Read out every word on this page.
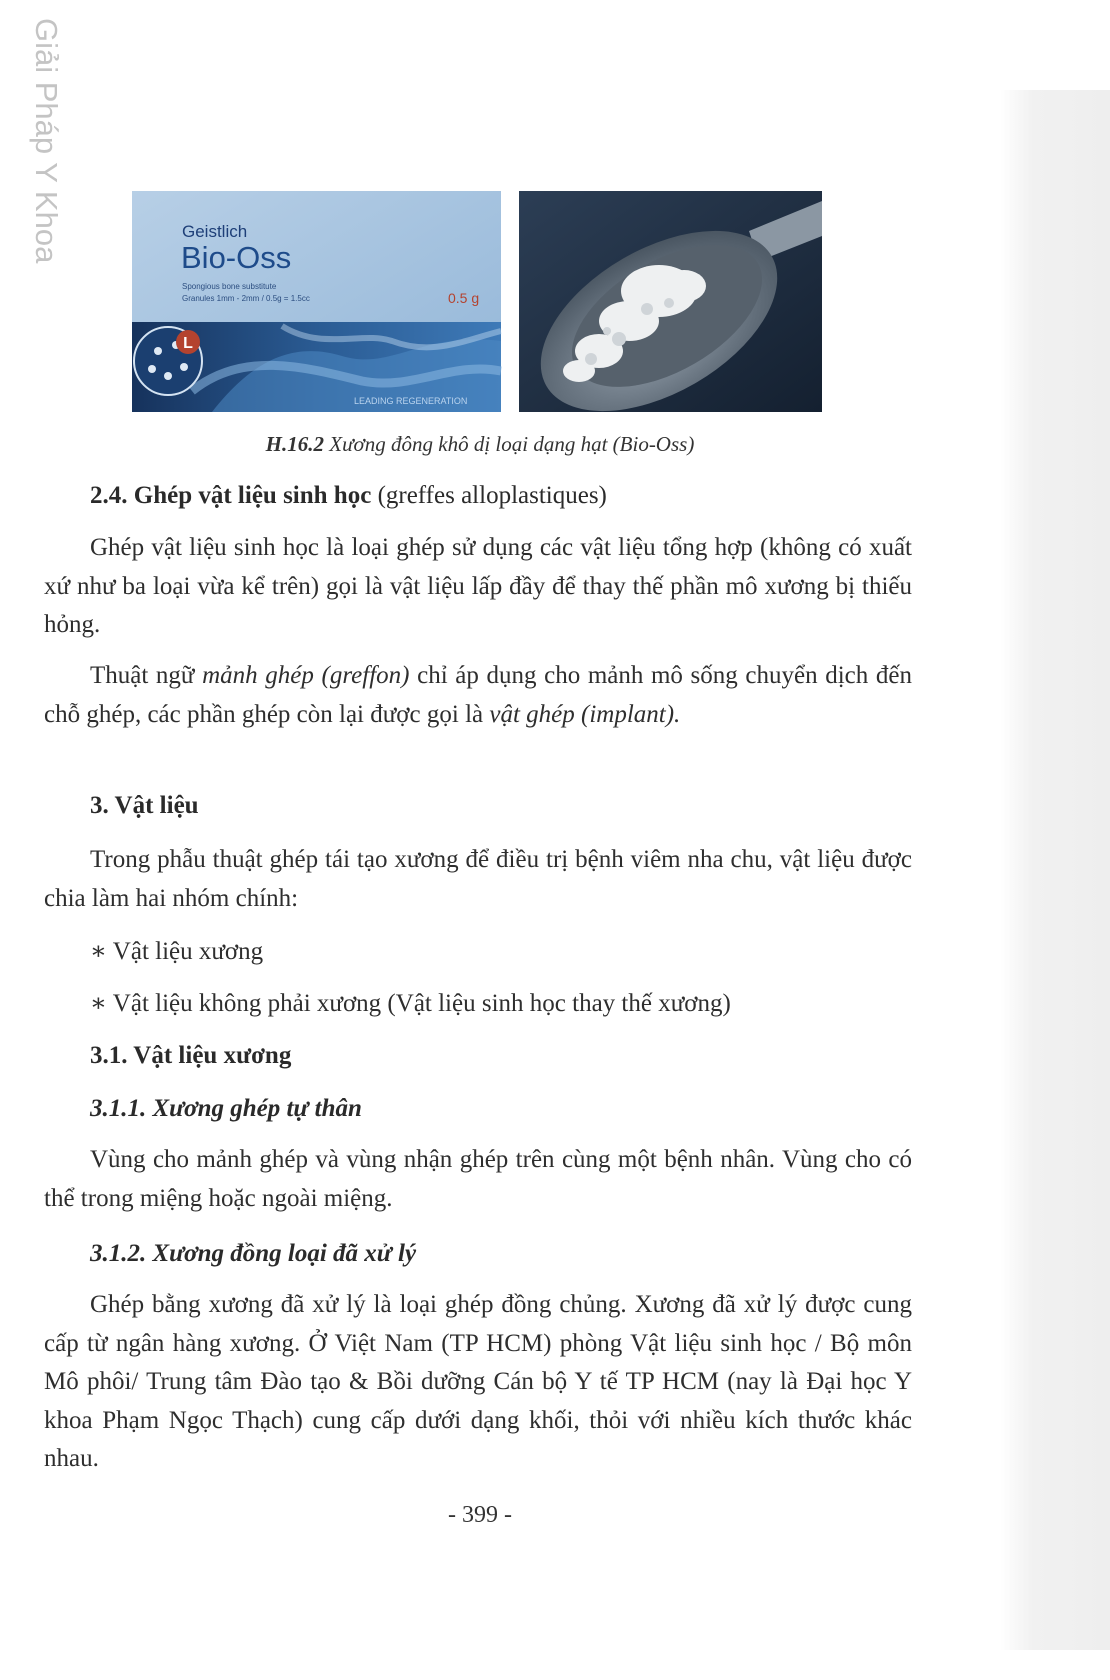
Giải Pháp Y Khoa
L
Geistlich
Bio-Oss
Spongious bone substitute
Granules 1mm - 2mm / 0.5g = 1.5cc	0.5 g
LEADING REGENERATION
H.16.2 Xương đông khô dị loại dạng hạt (Bio-Oss)
2.4. Ghép vật liệu sinh học (greffes alloplastiques)
Ghép vật liệu sinh học là loại ghép sử dụng các vật liệu tổng hợp (không có xuất xứ như ba loại vừa kể trên) gọi là vật liệu lấp đầy để thay thế phần mô xương bị thiếu hỏng.
Thuật ngữ mảnh ghép (greffon) chỉ áp dụng cho mảnh mô sống chuyển dịch đến chỗ ghép, các phần ghép còn lại được gọi là vật ghép (implant).
3. Vật liệu
Trong phẫu thuật ghép tái tạo xương để điều trị bệnh viêm nha chu, vật liệu được chia làm hai nhóm chính:
∗ Vật liệu xương
∗ Vật liệu không phải xương (Vật liệu sinh học thay thế xương)
3.1. Vật liệu xương
3.1.1. Xương ghép tự thân
Vùng cho mảnh ghép và vùng nhận ghép trên cùng một bệnh nhân. Vùng cho có thể trong miệng hoặc ngoài miệng.
3.1.2. Xương đồng loại đã xử lý
Ghép bằng xương đã xử lý là loại ghép đồng chủng. Xương đã xử lý được cung cấp từ ngân hàng xương. Ở Việt Nam (TP HCM) phòng Vật liệu sinh học / Bộ môn Mô phôi/ Trung tâm Đào tạo & Bồi dưỡng Cán bộ Y tế TP HCM (nay là Đại học Y khoa Phạm Ngọc Thạch) cung cấp dưới dạng khối, thỏi với nhiều kích thước khác nhau.
- 399 -
